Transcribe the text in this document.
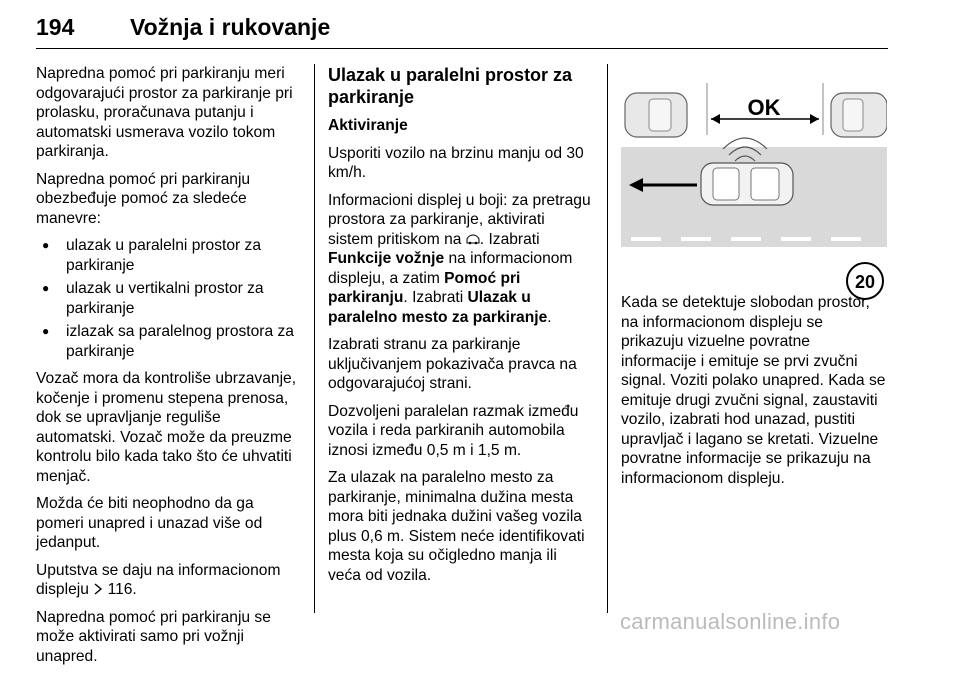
194 Vožnja i rukovanje

Napredna pomoć pri parkiranju meri odgovarajući prostor za parkiranje pri prolasku, proračunava putanju i automatski usmerava vozilo tokom parkiranja.

Napredna pomoć pri parkiranju obezbeđuje pomoć za sledeće manevre:

● ulazak u paralelni prostor za parkiranje
● ulazak u vertikalni prostor za parkiranje
● izlazak sa paralelnog prostora za parkiranje

Vozač mora da kontroliše ubrzavanje, kočenje i promenu stepena prenosa, dok se upravljanje reguliše automatski. Vozač može da preuzme kontrolu bilo kada tako što će uhvatiti menjač.

Možda će biti neophodno da ga pomeri unapred i unazad više od jedanput.

Uputstva se daju na informacionom displeju  116.

Napredna pomoć pri parkiranju se može aktivirati samo pri vožnji unapred.

Ulazak u paralelni prostor za parkiranje

Aktiviranje

Usporiti vozilo na brzinu manju od 30 km/h.

Informacioni displej u boji: za pretragu prostora za parkiranje, aktivirati sistem pritiskom na . Izabrati Funkcije vožnje na informacionom displeju, a zatim Pomoć pri parkiranju. Izabrati Ulazak u paralelno mesto za parkiranje.

Izabrati stranu za parkiranje uključivanjem pokazivača pravca na odgovarajućoj strani.

Dozvoljeni paralelan razmak između vozila i reda parkiranih automobila iznosi između 0,5 m i 1,5 m.

Za ulazak na paralelno mesto za parkiranje, minimalna dužina mesta mora biti jednaka dužini vašeg vozila plus 0,6 m. Sistem neće identifikovati mesta koja su očigledno manja ili veća od vozila.

OK
20

Kada se detektuje slobodan prostor, na informacionom displeju se prikazuju vizuelne povratne informacije i emituje se prvi zvučni signal. Voziti polako unapred. Kada se emituje drugi zvučni signal, zaustaviti vozilo, izabrati hod unazad, pustiti upravljač i lagano se kretati. Vizuelne povratne informacije se prikazuju na informacionom displeju.

carmanualsonline.info
